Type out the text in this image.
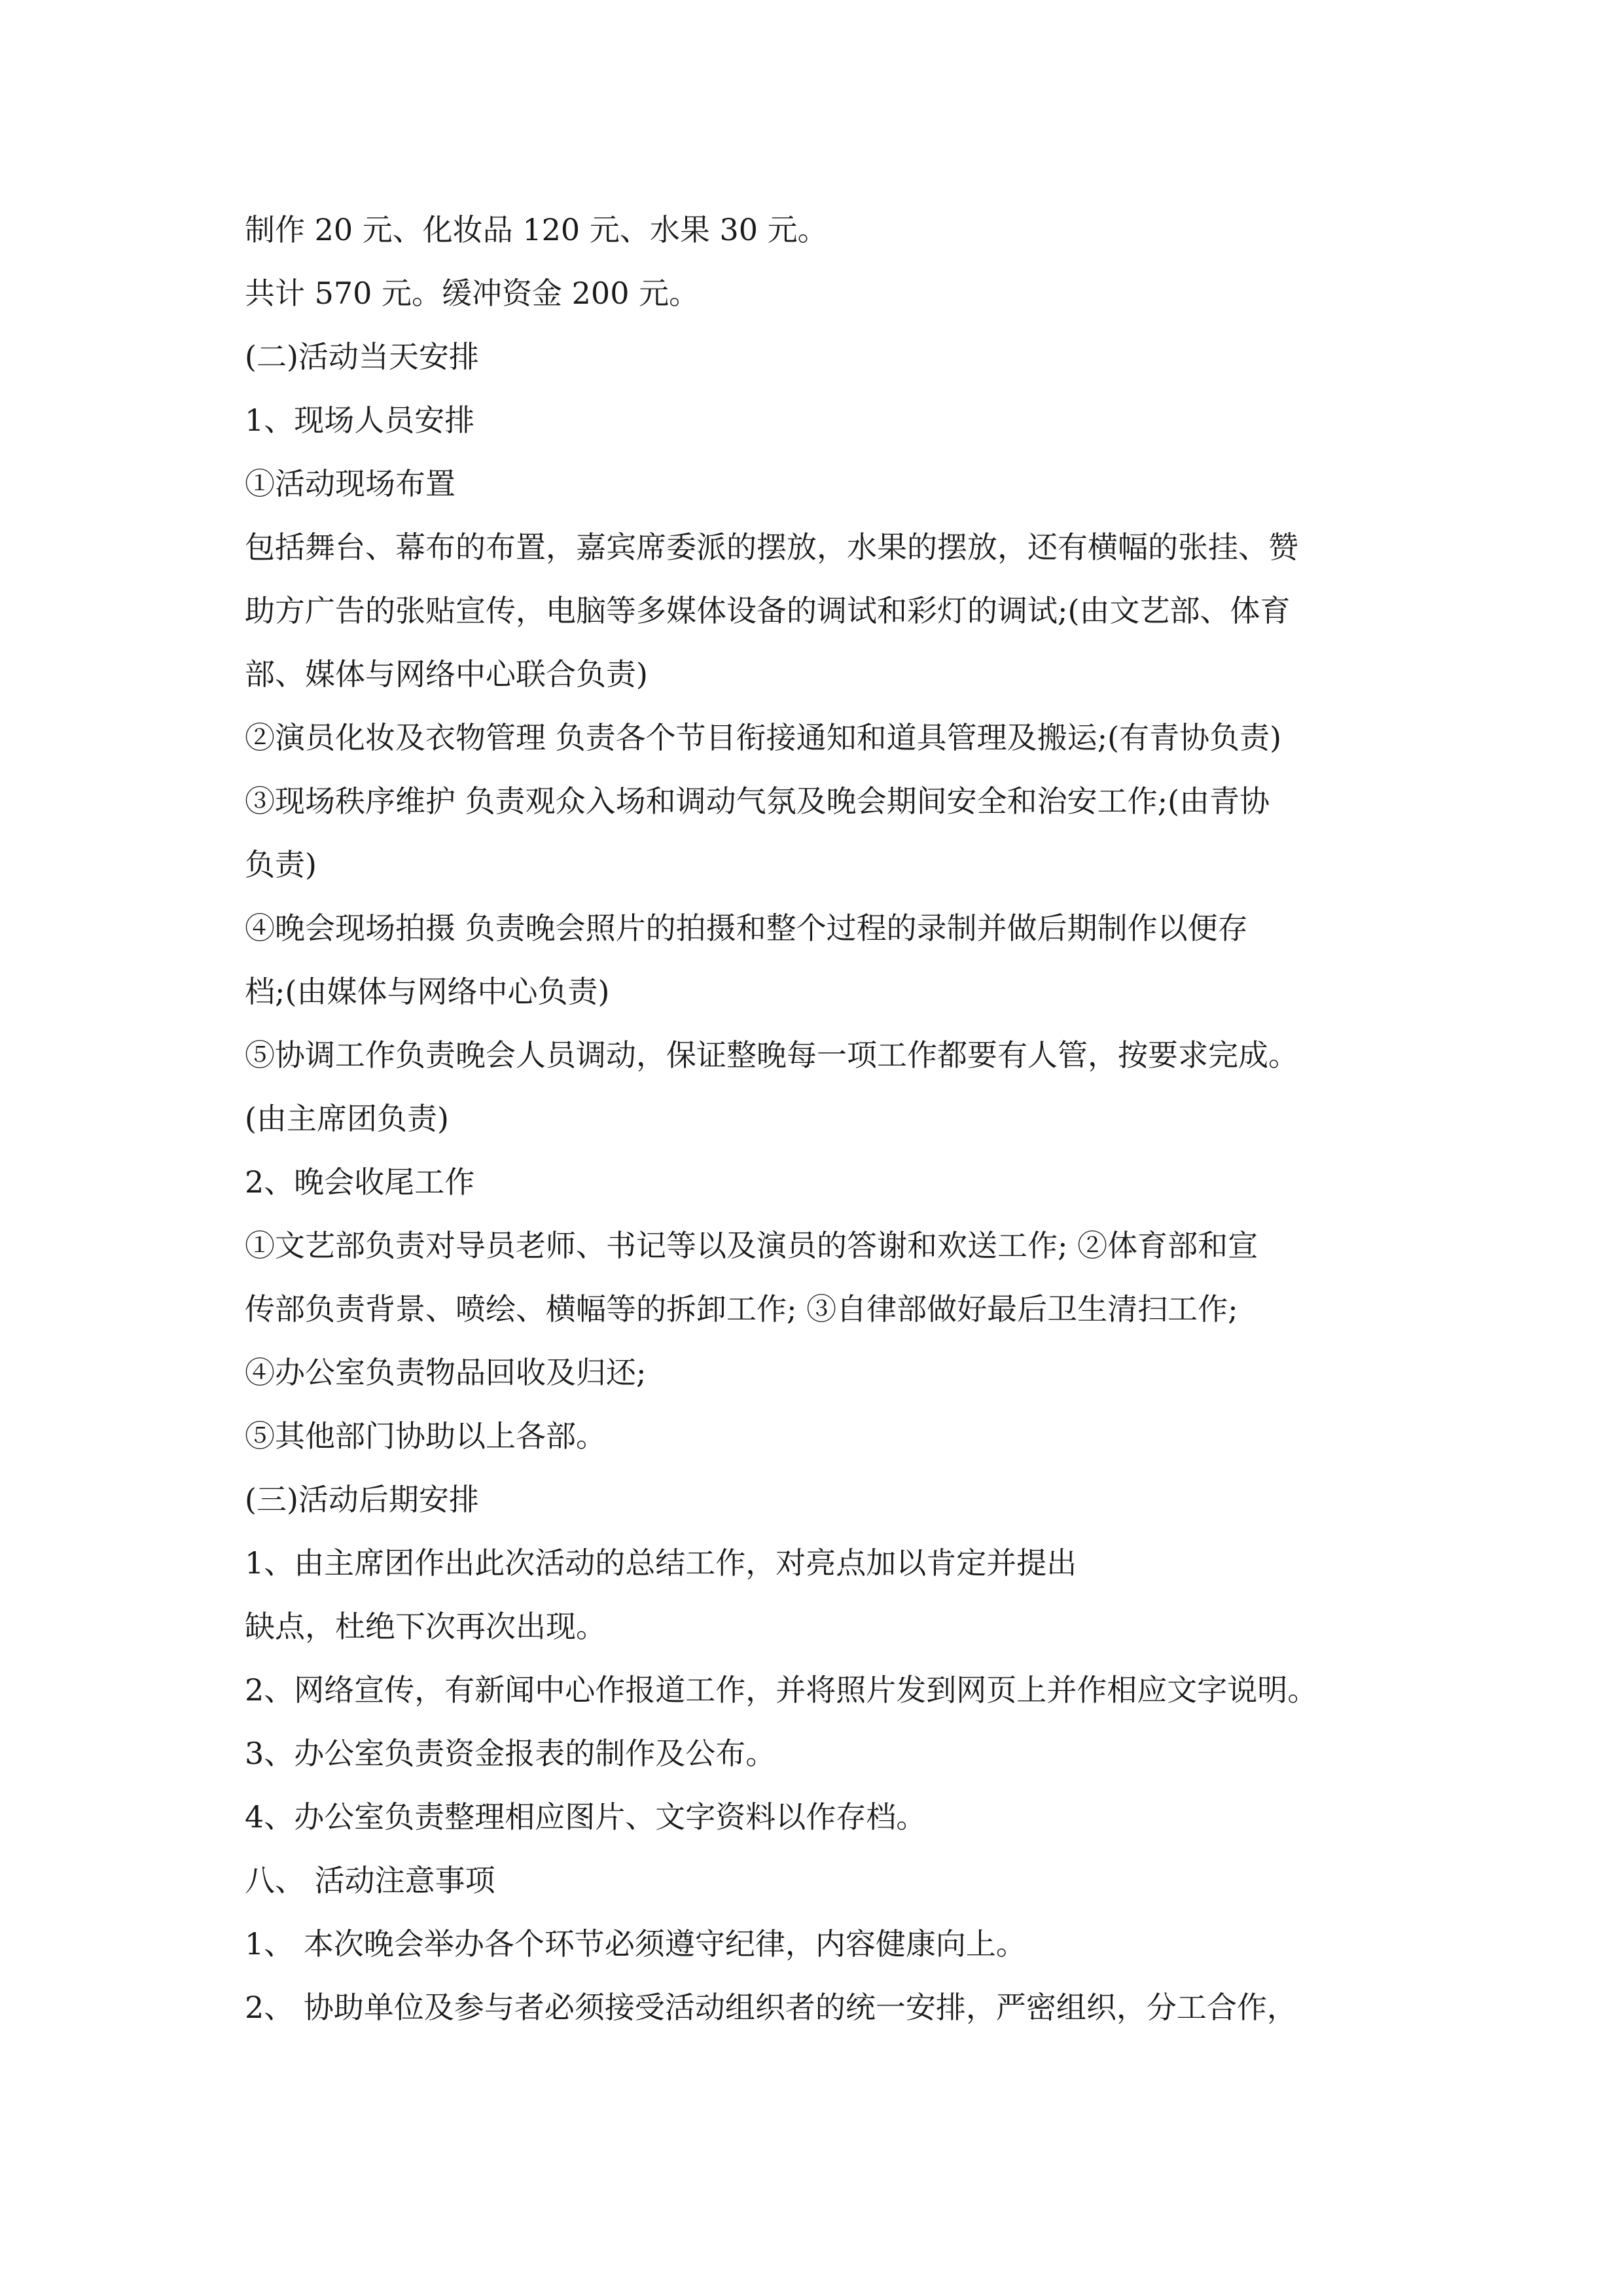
制作 20 元、化妆品 120 元、水果 30 元。
共计 570 元。缓冲资金 200 元。
(二)活动当天安排
1、现场人员安排
①活动现场布置
包括舞台、幕布的布置，嘉宾席委派的摆放，水果的摆放，还有横幅的张挂、赞
助方广告的张贴宣传，电脑等多媒体设备的调试和彩灯的调试;(由文艺部、体育
部、媒体与网络中心联合负责)
②演员化妆及衣物管理 负责各个节目衔接通知和道具管理及搬运;(有青协负责)
③现场秩序维护 负责观众入场和调动气氛及晚会期间安全和治安工作;(由青协
负责)
④晚会现场拍摄 负责晚会照片的拍摄和整个过程的录制并做后期制作以便存
档;(由媒体与网络中心负责)
⑤协调工作负责晚会人员调动，保证整晚每一项工作都要有人管，按要求完成。
(由主席团负责)
2、晚会收尾工作
①文艺部负责对导员老师、书记等以及演员的答谢和欢送工作; ②体育部和宣
传部负责背景、喷绘、横幅等的拆卸工作; ③自律部做好最后卫生清扫工作;
④办公室负责物品回收及归还;
⑤其他部门协助以上各部。
(三)活动后期安排
1、由主席团作出此次活动的总结工作，对亮点加以肯定并提出
缺点，杜绝下次再次出现。
2、网络宣传，有新闻中心作报道工作，并将照片发到网页上并作相应文字说明。
3、办公室负责资金报表的制作及公布。
4、办公室负责整理相应图片、文字资料以作存档。
八、 活动注意事项
1、 本次晚会举办各个环节必须遵守纪律，内容健康向上。
2、 协助单位及参与者必须接受活动组织者的统一安排，严密组织，分工合作，
